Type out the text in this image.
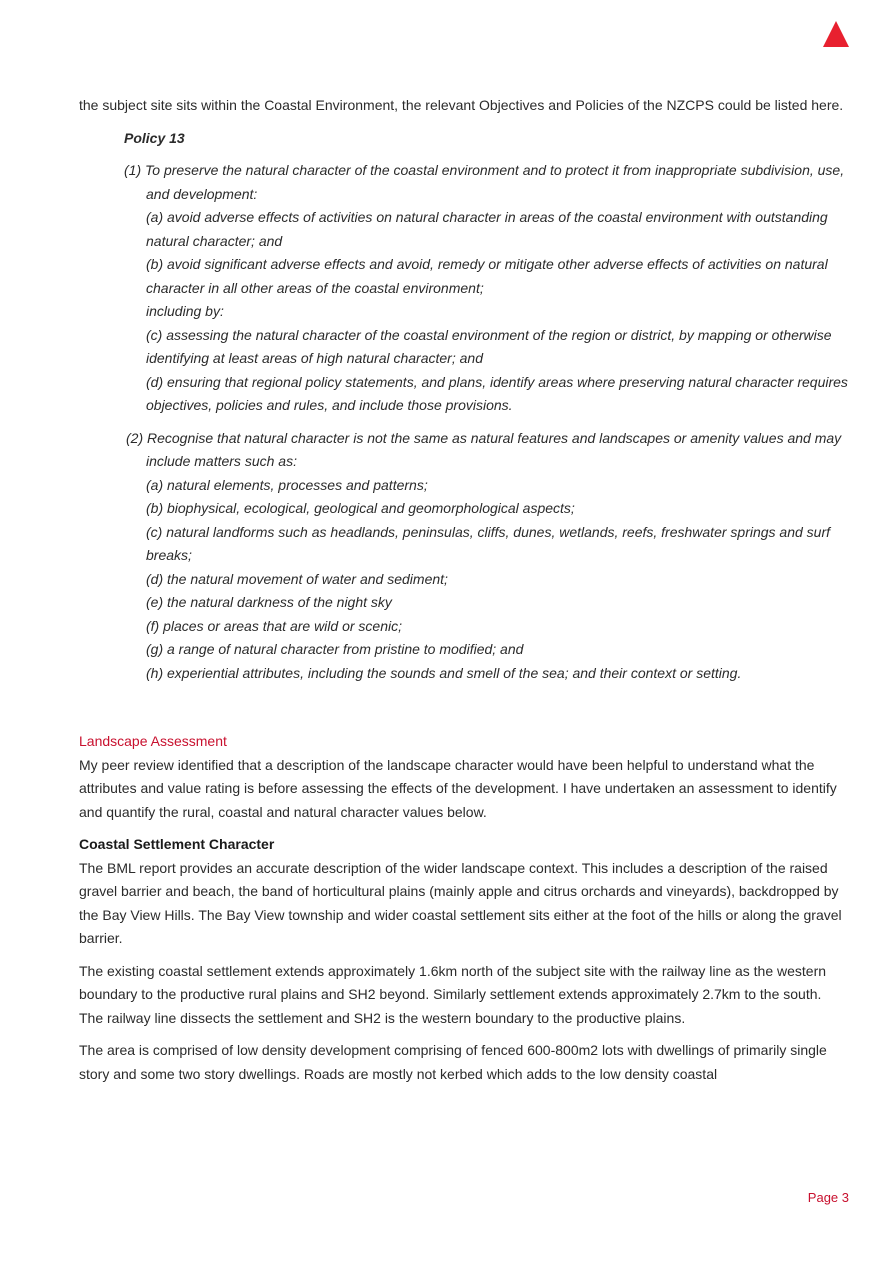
the subject site sits within the Coastal Environment, the relevant Objectives and Policies of the NZCPS could be listed here.

Policy 13

(1) To preserve the natural character of the coastal environment and to protect it from inappropriate subdivision, use, and development:

(a) avoid adverse effects of activities on natural character in areas of the coastal environment with outstanding natural character; and

(b) avoid significant adverse effects and avoid, remedy or mitigate other adverse effects of activities on natural character in all other areas of the coastal environment;

including by:

(c) assessing the natural character of the coastal environment of the region or district, by mapping or otherwise identifying at least areas of high natural character; and

(d) ensuring that regional policy statements, and plans, identify areas where preserving natural character requires objectives, policies and rules, and include those provisions.

(2) Recognise that natural character is not the same as natural features and landscapes or amenity values and may include matters such as:

(a) natural elements, processes and patterns;

(b) biophysical, ecological, geological and geomorphological aspects;

(c) natural landforms such as headlands, peninsulas, cliffs, dunes, wetlands, reefs, freshwater springs and surf breaks;

(d) the natural movement of water and sediment;

(e) the natural darkness of the night sky

(f) places or areas that are wild or scenic;

(g) a range of natural character from pristine to modified; and

(h) experiential attributes, including the sounds and smell of the sea; and their context or setting.

Landscape Assessment

My peer review identified that a description of the landscape character would have been helpful to understand what the attributes and value rating is before assessing the effects of the development. I have undertaken an assessment to identify and quantify the rural, coastal and natural character values below.

Coastal Settlement Character

The BML report provides an accurate description of the wider landscape context. This includes a description of the raised gravel barrier and beach, the band of horticultural plains (mainly apple and citrus orchards and vineyards), backdropped by the Bay View Hills. The Bay View township and wider coastal settlement sits either at the foot of the hills or along the gravel barrier.

The existing coastal settlement extends approximately 1.6km north of the subject site with the railway line as the western boundary to the productive rural plains and SH2 beyond. Similarly settlement extends approximately 2.7km to the south. The railway line dissects the settlement and SH2 is the western boundary to the productive plains.

The area is comprised of low density development comprising of fenced 600-800m2 lots with dwellings of primarily single story and some two story dwellings. Roads are mostly not kerbed which adds to the low density coastal

Page 3
